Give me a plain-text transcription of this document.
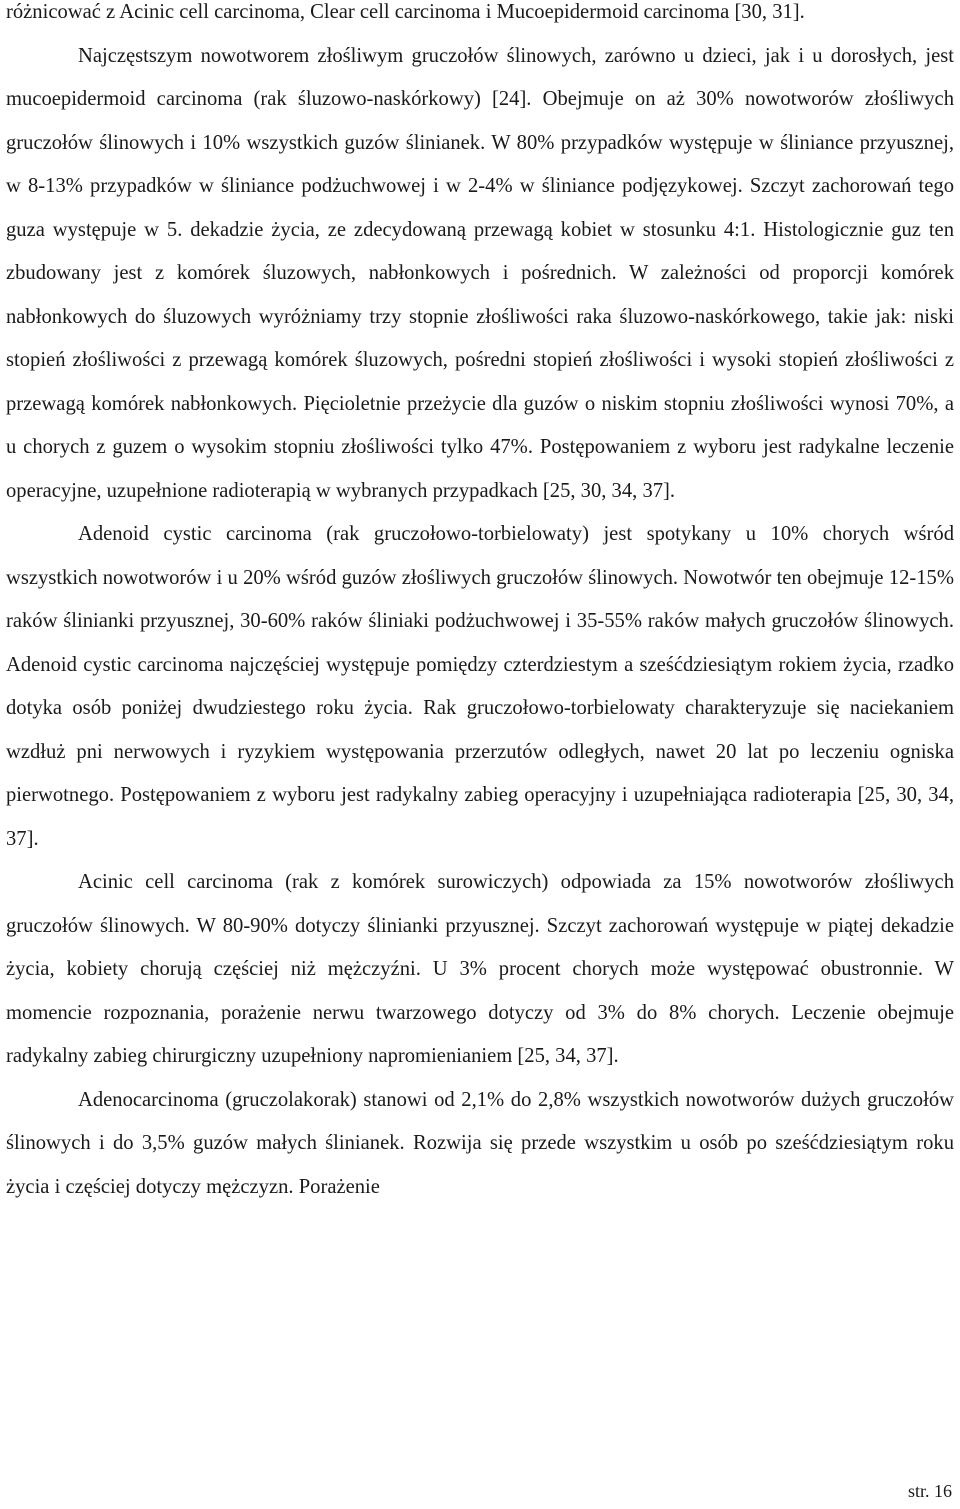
różnicować z Acinic cell carcinoma, Clear cell carcinoma i Mucoepidermoid carcinoma [30, 31].

Najczęstszym nowotworem złośliwym gruczołów ślinowych, zarówno u dzieci, jak i u dorosłych, jest mucoepidermoid carcinoma (rak śluzowo-naskórkowy) [24]. Obejmuje on aż 30% nowotworów złośliwych gruczołów ślinowych i 10% wszystkich guzów ślinianek. W 80% przypadków występuje w śliniance przyusznej, w 8-13% przypadków w śliniance podżuchwowej i w 2-4% w śliniance podjęzykowej. Szczyt zachorowań tego guza występuje w 5. dekadzie życia, ze zdecydowaną przewagą kobiet w stosunku 4:1. Histologicznie guz ten zbudowany jest z komórek śluzowych, nabłonkowych i pośrednich. W zależności od proporcji komórek nabłonkowych do śluzowych wyróżniamy trzy stopnie złośliwości raka śluzowo-naskórkowego, takie jak: niski stopień złośliwości z przewagą komórek śluzowych, pośredni stopień złośliwości i wysoki stopień złośliwości z przewagą komórek nabłonkowych. Pięcioletnie przeżycie dla guzów o niskim stopniu złośliwości wynosi 70%, a u chorych z guzem o wysokim stopniu złośliwości tylko 47%. Postępowaniem z wyboru jest radykalne leczenie operacyjne, uzupełnione radioterapią w wybranych przypadkach [25, 30, 34, 37].

Adenoid cystic carcinoma (rak gruczołowo-torbielowaty) jest spotykany u 10% chorych wśród wszystkich nowotworów i u 20% wśród guzów złośliwych gruczołów ślinowych. Nowotwór ten obejmuje 12-15% raków ślinianki przyusznej, 30-60% raków śliniaki podżuchwowej i 35-55% raków małych gruczołów ślinowych. Adenoid cystic carcinoma najczęściej występuje pomiędzy czterdziestym a sześćdziesiątym rokiem życia, rzadko dotyka osób poniżej dwudziestego roku życia. Rak gruczołowo-torbielowaty charakteryzuje się naciekaniem wzdłuż pni nerwowych i ryzykiem występowania przerzutów odległych, nawet 20 lat po leczeniu ogniska pierwotnego. Postępowaniem z wyboru jest radykalny zabieg operacyjny i uzupełniająca radioterapia [25, 30, 34, 37].

Acinic cell carcinoma (rak z komórek surowiczych) odpowiada za 15% nowotworów złośliwych gruczołów ślinowych. W 80-90% dotyczy ślinianki przyusznej. Szczyt zachorowań występuje w piątej dekadzie życia, kobiety chorują częściej niż mężczyźni. U 3% procent chorych może występować obustronnie. W momencie rozpoznania, porażenie nerwu twarzowego dotyczy od 3% do 8% chorych. Leczenie obejmuje radykalny zabieg chirurgiczny uzupełniony napromienianiem [25, 34, 37].

Adenocarcinoma (gruczolakorak) stanowi od 2,1% do 2,8% wszystkich nowotworów dużych gruczołów ślinowych i do 3,5% guzów małych ślinianek. Rozwija się przede wszystkim u osób po sześćdziesiątym roku życia i częściej dotyczy mężczyzn. Porażenie

str. 16
